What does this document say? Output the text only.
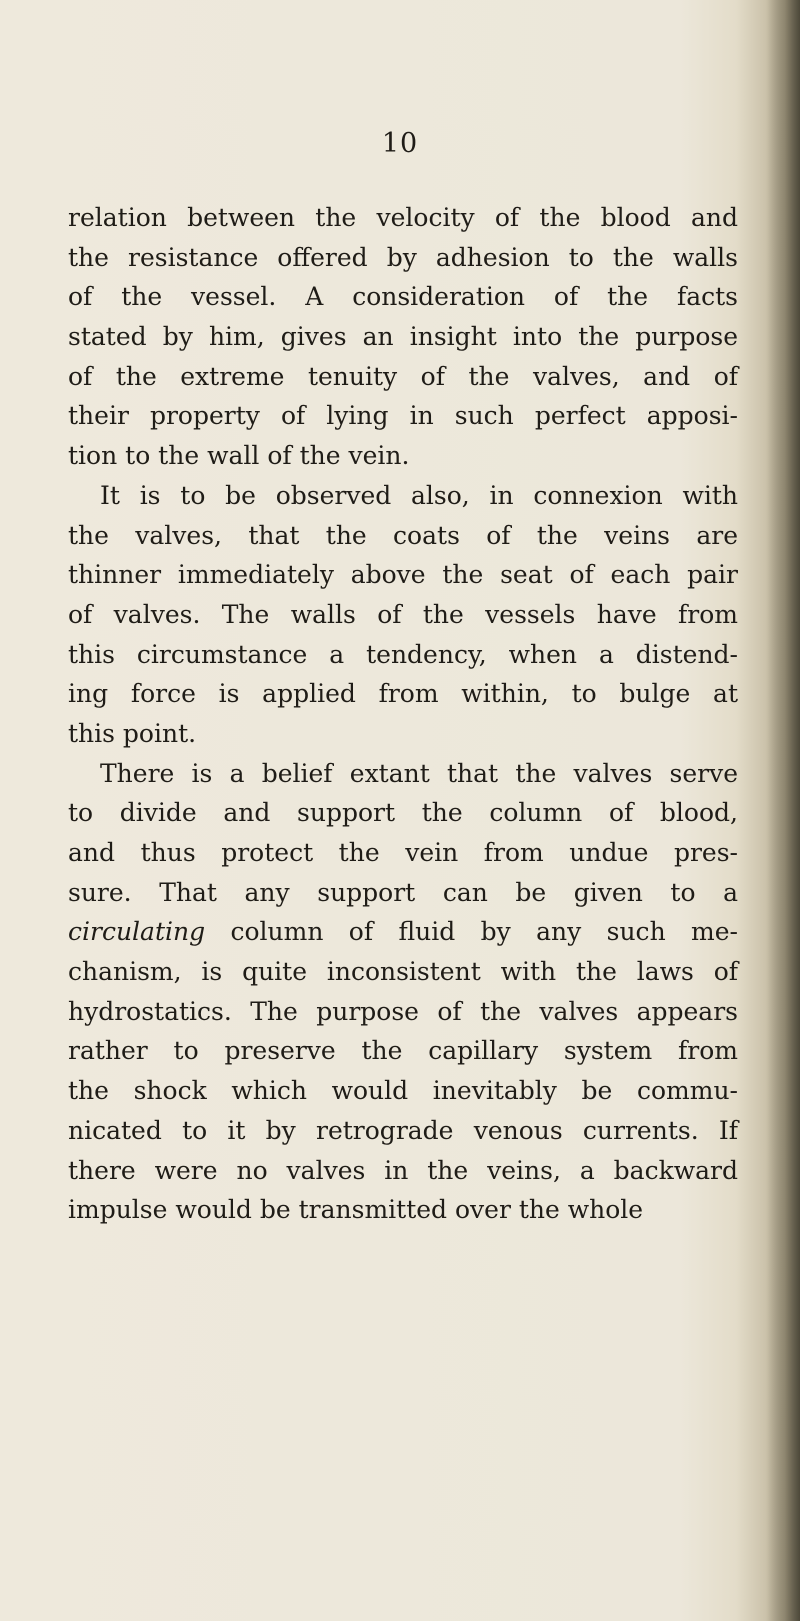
10
relation between the velocity of the blood and
the resistance offered by adhesion to the walls
of the vessel. A consideration of the facts
stated by him, gives an insight into the purpose
of the extreme tenuity of the valves, and of
their property of lying in such perfect apposi-
tion to the wall of the vein.
It is to be observed also, in connexion with
the valves, that the coats of the veins are
thinner immediately above the seat of each pair
of valves. The walls of the vessels have from
this circumstance a tendency, when a distend-
ing force is applied from within, to bulge at
this point.
There is a belief extant that the valves serve
to divide and support the column of blood,
and thus protect the vein from undue pres-
sure. That any support can be given to a
circulating column of fluid by any such me-
chanism, is quite inconsistent with the laws of
hydrostatics. The purpose of the valves appears
rather to preserve the capillary system from
the shock which would inevitably be commu-
nicated to it by retrograde venous currents. If
there were no valves in the veins, a backward
impulse would be transmitted over the whole
